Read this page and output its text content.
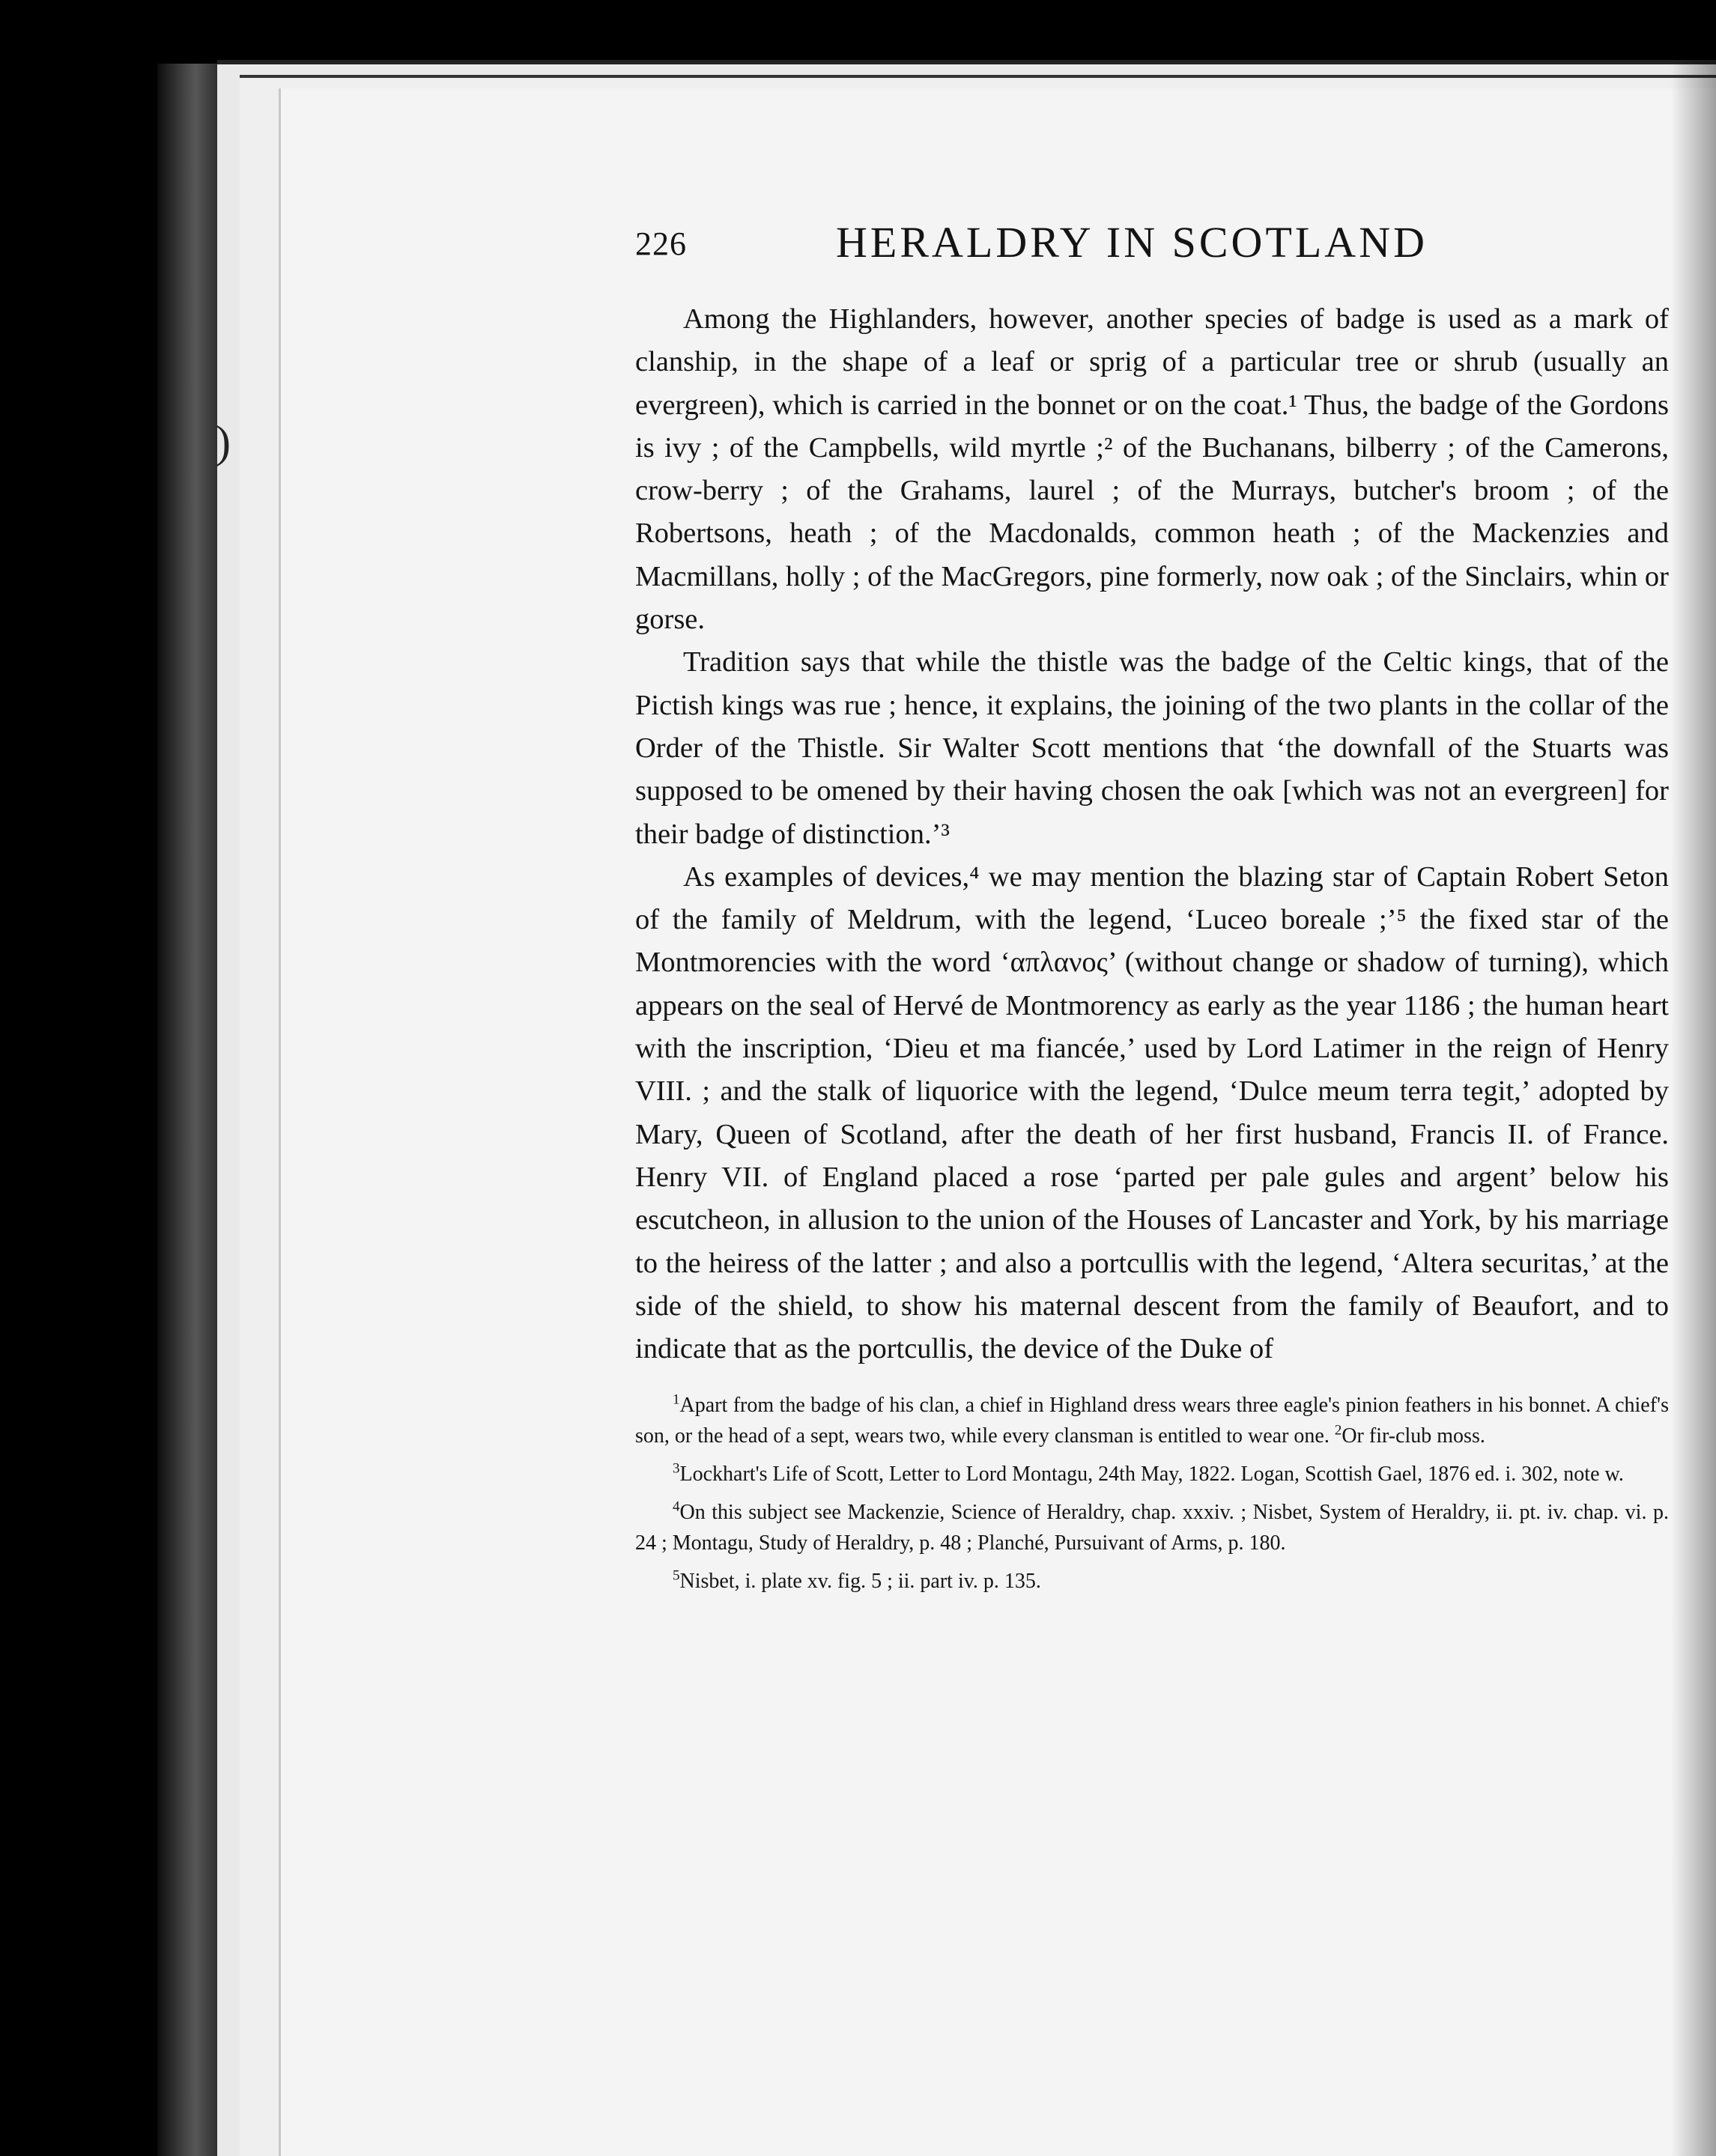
)
226	HERALDRY IN SCOTLAND

Among the Highlanders, however, another species of badge is used as a mark of clanship, in the shape of a leaf or sprig of a particular tree or shrub (usually an evergreen), which is carried in the bonnet or on the coat.¹ Thus, the badge of the Gordons is ivy ; of the Campbells, wild myrtle ;² of the Buchanans, bilberry ; of the Camerons, crow-berry ; of the Grahams, laurel ; of the Murrays, butcher's broom ; of the Robertsons, heath ; of the Macdonalds, common heath ; of the Mackenzies and Macmillans, holly ; of the MacGregors, pine formerly, now oak ; of the Sinclairs, whin or gorse.

Tradition says that while the thistle was the badge of the Celtic kings, that of the Pictish kings was rue ; hence, it explains, the joining of the two plants in the collar of the Order of the Thistle. Sir Walter Scott mentions that ‘the downfall of the Stuarts was supposed to be omened by their having chosen the oak [which was not an evergreen] for their badge of distinction.’³

As examples of devices,⁴ we may mention the blazing star of Captain Robert Seton of the family of Meldrum, with the legend, ‘Luceo boreale ;’⁵ the fixed star of the Montmorencies with the word ‘απλανος’ (without change or shadow of turning), which appears on the seal of Hervé de Montmorency as early as the year 1186 ; the human heart with the inscription, ‘Dieu et ma fiancée,’ used by Lord Latimer in the reign of Henry VIII. ; and the stalk of liquorice with the legend, ‘Dulce meum terra tegit,’ adopted by Mary, Queen of Scotland, after the death of her first husband, Francis II. of France. Henry VII. of England placed a rose ‘parted per pale gules and argent’ below his escutcheon, in allusion to the union of the Houses of Lancaster and York, by his marriage to the heiress of the latter ; and also a portcullis with the legend, ‘Altera securitas,’ at the side of the shield, to show his maternal descent from the family of Beaufort, and to indicate that as the portcullis, the device of the Duke of

$^1$Apart from the badge of his clan, a chief in Highland dress wears three eagle's pinion feathers in his bonnet. A chief's son, or the head of a sept, wears two, while every clansman is entitled to wear one. $^2$Or fir-club moss.

$^3$Lockhart's Life of Scott, Letter to Lord Montagu, 24th May, 1822. Logan, Scottish Gael, 1876 ed. i. 302, note w.

$^4$On this subject see Mackenzie, Science of Heraldry, chap. xxxiv. ; Nisbet, System of Heraldry, ii. pt. iv. chap. vi. p. 24 ; Montagu, Study of Heraldry, p. 48 ; Planché, Pursuivant of Arms, p. 180.

$^5$Nisbet, i. plate xv. fig. 5 ; ii. part iv. p. 135.
